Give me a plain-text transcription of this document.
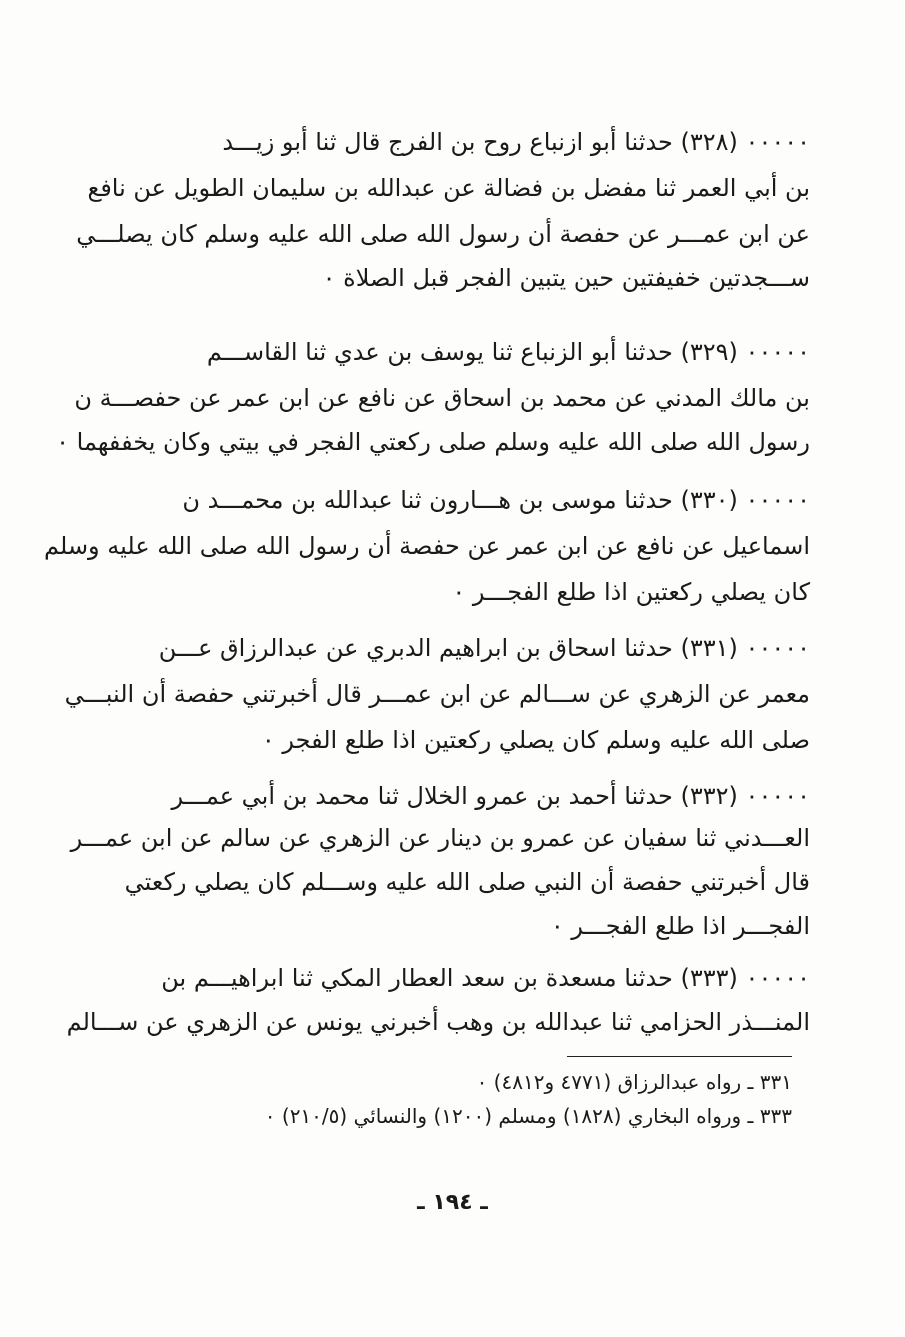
٠٠٠٠٠ (٣٢٨) حدثنا أبو ازنباع روح بن الفرج قال ثنا أبو زيـــد
بن أبي العمر ثنا مفضل بن فضالة عن عبدالله بن سليمان الطويل عن نافع
عن ابن عمـــر عن حفصة أن رسول الله صلى الله عليه وسلم كان يصلـــي
ســـجدتين خفيفتين حين يتبين الفجر قبل الصلاة ٠
٠٠٠٠٠ (٣٢٩) حدثنا أبو الزنباع ثنا يوسف بن عدي ثنا القاســـم
بن مالك المدني عن محمد بن اسحاق عن نافع عن ابن عمر عن حفصـــة ن
رسول الله صلى الله عليه وسلم صلى ركعتي الفجر في بيتي وكان يخففهما ٠
٠٠٠٠٠ (٣٣٠) حدثنا موسى بن هـــارون ثنا عبدالله بن محمـــد ن
اسماعيل عن نافع عن ابن عمر عن حفصة أن رسول الله صلى الله عليه وسلم
كان يصلي ركعتين اذا طلع الفجـــر ٠
٠٠٠٠٠ (٣٣١) حدثنا اسحاق بن ابراهيم الدبري عن عبدالرزاق عـــن
معمر عن الزهري عن ســـالم عن ابن عمـــر قال أخبرتني حفصة أن النبـــي
صلى الله عليه وسلم كان يصلي ركعتين اذا طلع الفجر ٠
٠٠٠٠٠ (٣٣٢) حدثنا أحمد بن عمرو الخلال ثنا محمد بن أبي عمـــر
العـــدني ثنا سفيان عن عمرو بن دينار عن الزهري عن سالم عن ابن عمـــر
قال أخبرتني حفصة أن النبي صلى الله عليه وســـلم كان يصلي ركعتي
الفجـــر اذا طلع الفجـــر ٠
٠٠٠٠٠ (٣٣٣) حدثنا مسعدة بن سعد العطار المكي ثنا ابراهيـــم بن
المنـــذر الحزامي ثنا عبدالله بن وهب أخبرني يونس عن الزهري عن ســـالم
٣٣١ ـ رواه عبدالرزاق (٤٧٧١ و٤٨١٢) ٠
٣٣٣ ـ ورواه البخاري (١٨٢٨) ومسلم (١٢٠٠) والنسائي (٢١٠/٥) ٠
ـ ١٩٤ ـ
